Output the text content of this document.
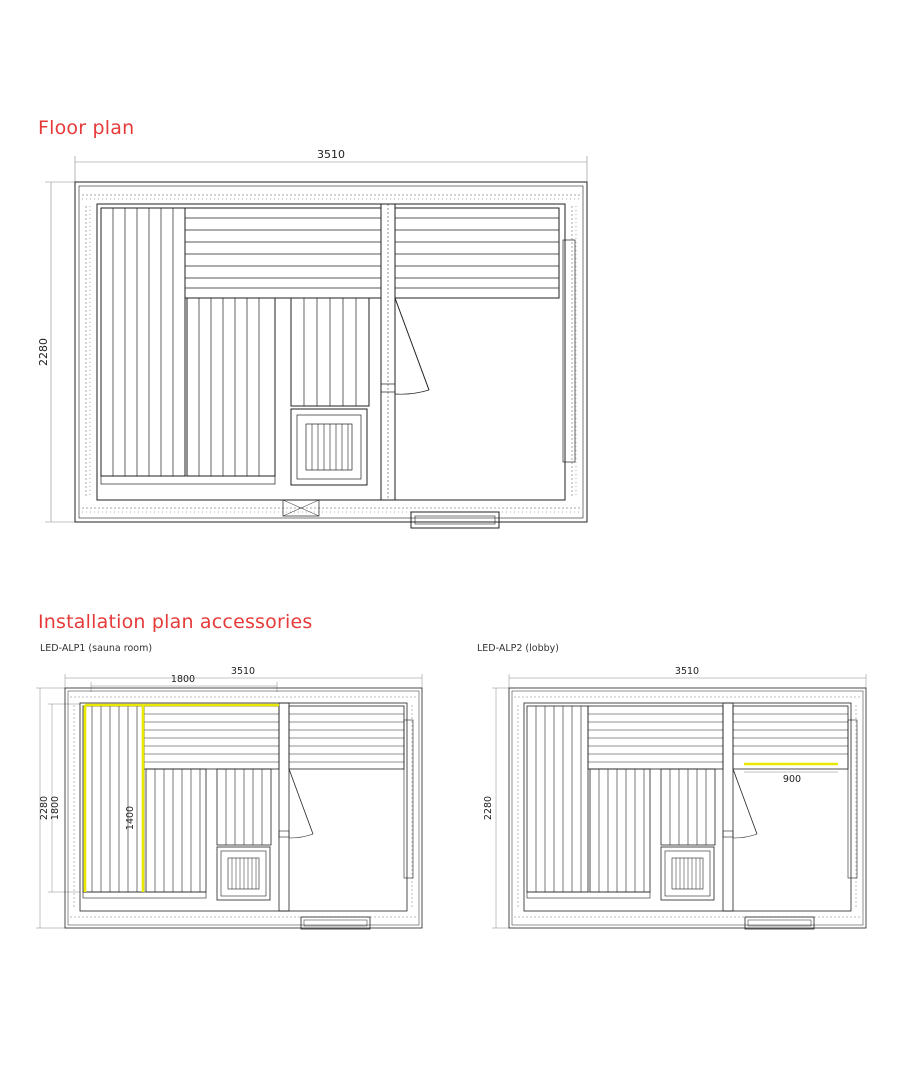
Floor plan
Installation plan accessories

LED-ALP1 (sauna room)	LED-ALP2 (lobby)

3510
2280
3510
1800
2280 1800	1400
3510
2280
900
